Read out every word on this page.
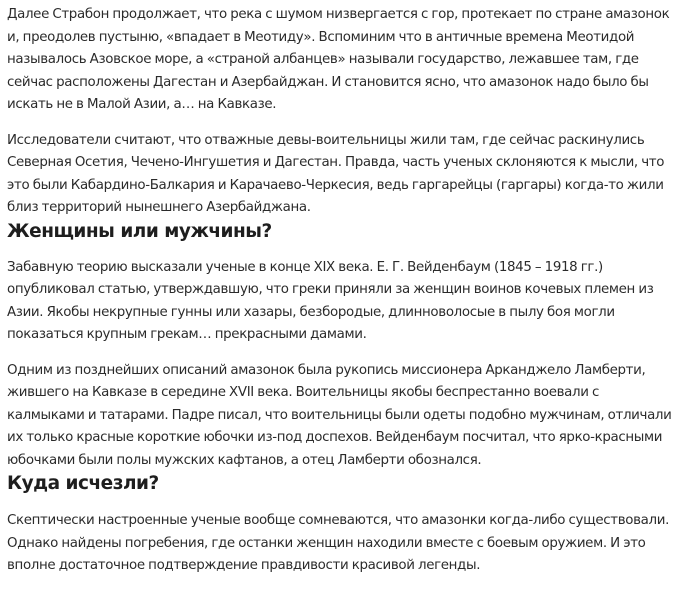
Далее Страбон продолжает, что река с шумом низвергается с гор, протекает по стране амазонок и, преодолев пустыню, «впадает в Меотиду». Вспоминим что в античные времена Меотидой называлось Азовское море, а «страной албанцев» называли государство, лежавшее там, где сейчас расположены Дагестан и Азербайджан. И становится ясно, что амазонок надо было бы искать не в Малой Азии, а… на Кавказе.

Исследователи считают, что отважные девы-воительницы жили там, где сейчас раскинулись Северная Осетия, Чечено-Ингушетия и Дагестан. Правда, часть ученых склоняются к мысли, что это были Кабардино-Балкария и Карачаево-Черкесия, ведь гаргарейцы (гаргары) когда-то жили близ территорий нынешнего Азербайджана.

Женщины или мужчины?

Забавную теорию высказали ученые в конце XIX века. Е. Г. Вейденбаум (1845 – 1918 гг.) опубликовал статью, утверждавшую, что греки приняли за женщин воинов кочевых племен из Азии. Якобы некрупные гунны или хазары, безбородые, длинноволосые в пылу боя могли показаться крупным грекам… прекрасными дамами.

Одним из позднейших описаний амазонок была рукопись миссионера Арканджело Ламберти, жившего на Кавказе в середине XVII века. Воительницы якобы беспрестанно воевали с калмыками и татарами. Падре писал, что воительницы были одеты подобно мужчинам, отличали их только красные короткие юбочки из-под доспехов. Вейденбаум посчитал, что ярко-красными юбочками были полы мужских кафтанов, а отец Ламберти обознался.

Куда исчезли?

Скептически настроенные ученые вообще сомневаются, что амазонки когда-либо существовали. Однако найдены погребения, где останки женщин находили вместе с боевым оружием. И это вполне достаточное подтверждение правдивости красивой легенды.
